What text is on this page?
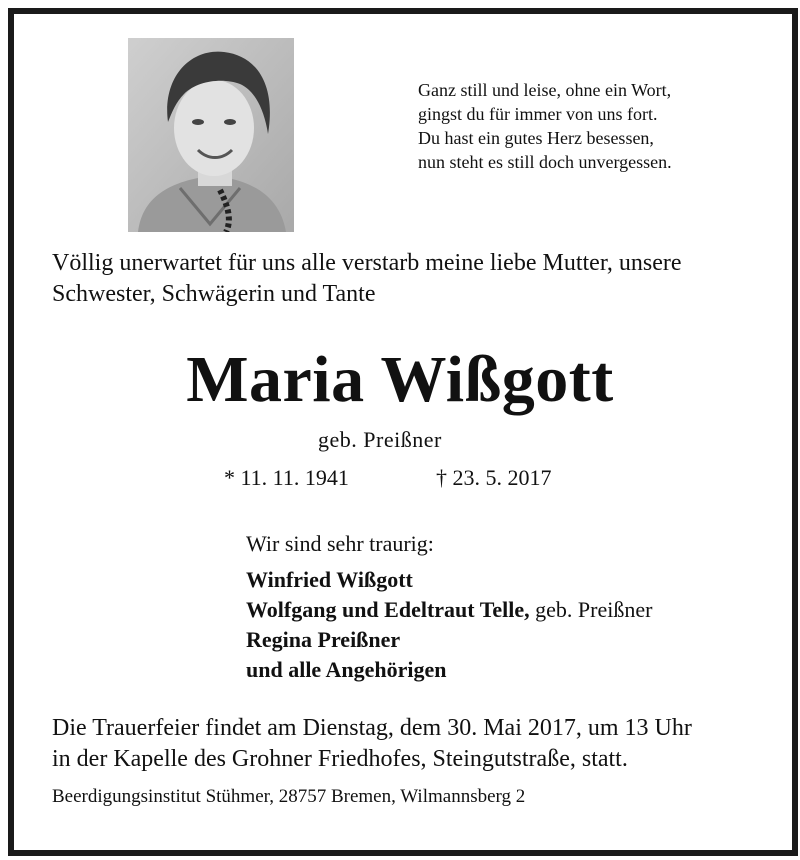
Ganz still und leise, ohne ein Wort,
gingst du für immer von uns fort.
Du hast ein gutes Herz besessen,
nun steht es still doch unvergessen.
Völlig unerwartet für uns alle verstarb meine liebe Mutter, unsere
Schwester, Schwägerin und Tante
Maria Wißgott
geb. Preißner
* 11. 11. 1941	† 23. 5. 2017
Wir sind sehr traurig:
Winfried Wißgott
Wolfgang und Edeltraut Telle, geb. Preißner
Regina Preißner
und alle Angehörigen
Die Trauerfeier findet am Dienstag, dem 30. Mai 2017, um 13 Uhr
in der Kapelle des Grohner Friedhofes, Steingutstraße, statt.
Beerdigungsinstitut Stühmer, 28757 Bremen, Wilmannsberg 2
